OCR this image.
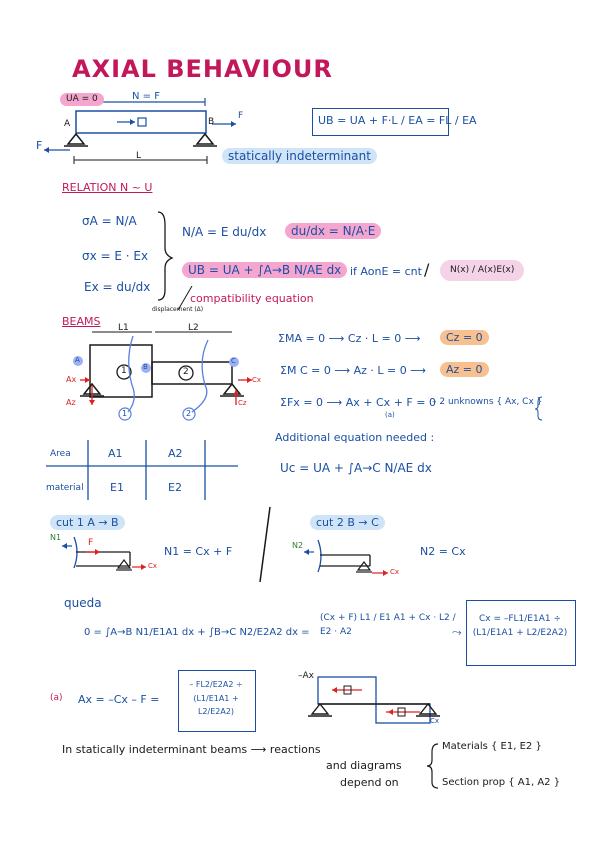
AXIAL BEHAVIOUR
UA = 0	N = F
A	B
F
F
L
UB = UA + F·L / EA = FL / EA
statically indeterminant
RELATION N ~ U
σA = N/A
σx = E · Ex
Ex = du/dx
N/A = E du/dx	du/dx = N/A·E
UB = UA + ∫A→B N/AE dx if AonE = cnt /	N(x) / A(x)E(x)
displacement (Δ)
compatibility equation
BEAMS L1	L2
A
B
C
1	2
Ax
Az
Cx
Cz
1	2
ΣMA = 0 ⟶ Cz · L = 0 ⟶	Cz = 0
ΣM C = 0 ⟶ Az · L = 0 ⟶	Az = 0
ΣFx = 0 ⟶ Ax + Cx + F = 0
– 2 unknowns { Ax, Cx }
(a)
Additional equation needed :
Uc = UA + ∫A→C N/AE dx
Area	A1	A2
material E1	E2
cut 1 A → B	cut 2 B → C
N1
F
Cx
N1 = Cx + F	N2
Cx
N2 = Cx
queda
0 = ∫A→B N1/E1A1 dx + ∫B→C N2/E2A2 dx =
(Cx + F) L1 / E1 A1 + Cx · L2 / E2 · A2	⤳
Cx = –FL1/E1A1 ÷ (L1/E1A1 + L2/E2A2)
(a) Ax = –Cx – F =
– FL2/E2A2 ÷ (L1/E1A1 + L2/E2A2)
–Ax
Cx
In statically indeterminant beams ⟶ reactions
and diagrams
depend on
Materials { E1, E2 }
Section prop { A1, A2 }
